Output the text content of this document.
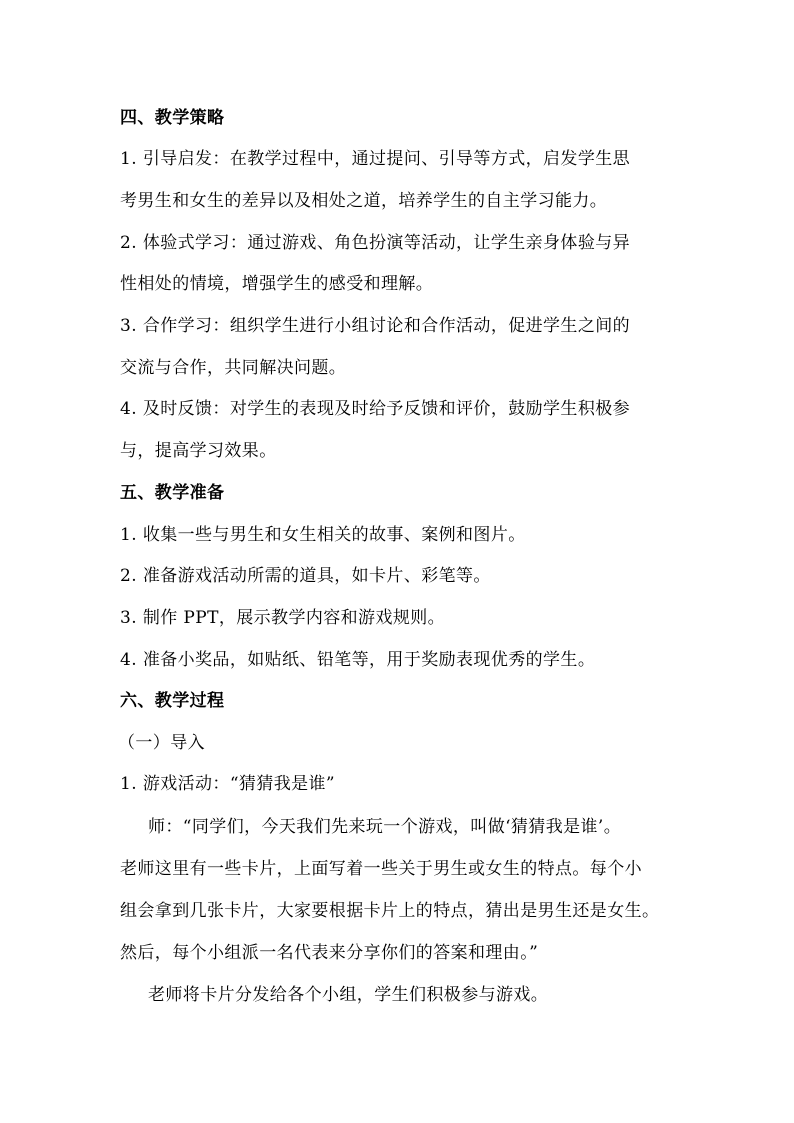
四、教学策略
1. 引导启发：在教学过程中，通过提问、引导等方式，启发学生思
考男生和女生的差异以及相处之道，培养学生的自主学习能力。
2. 体验式学习：通过游戏、角色扮演等活动，让学生亲身体验与异
性相处的情境，增强学生的感受和理解。
3. 合作学习：组织学生进行小组讨论和合作活动，促进学生之间的
交流与合作，共同解决问题。
4. 及时反馈：对学生的表现及时给予反馈和评价，鼓励学生积极参
与，提高学习效果。
五、教学准备
1. 收集一些与男生和女生相关的故事、案例和图片。
2. 准备游戏活动所需的道具，如卡片、彩笔等。
3. 制作 PPT，展示教学内容和游戏规则。
4. 准备小奖品，如贴纸、铅笔等，用于奖励表现优秀的学生。
六、教学过程
（一）导入
1. 游戏活动：“猜猜我是谁”
师：“同学们，今天我们先来玩一个游戏，叫做‘猜猜我是谁’。
老师这里有一些卡片，上面写着一些关于男生或女生的特点。每个小
组会拿到几张卡片，大家要根据卡片上的特点，猜出是男生还是女生。
然后，每个小组派一名代表来分享你们的答案和理由。”
老师将卡片分发给各个小组，学生们积极参与游戏。
